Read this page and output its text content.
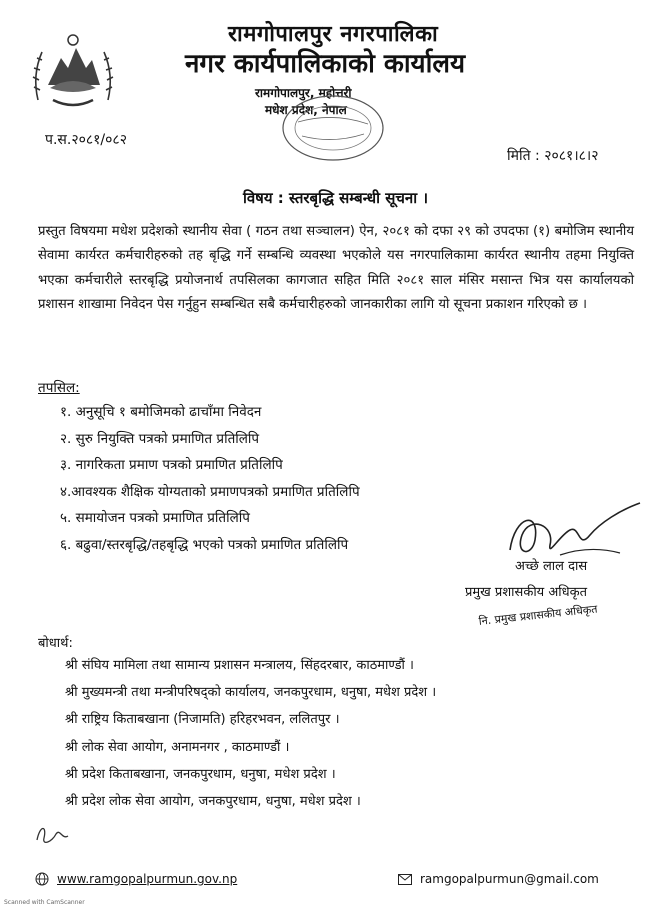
रामगोपालपुर नगरपालिका
नगर कार्यपालिकाको कार्यालय
रामगोपालपुर, महोत्तरी
मधेश प्रदेश, नेपाल
प.स.२०८१/०८२
मिति : २०८१।८।२
विषय : स्तरबृद्धि सम्बन्धी सूचना ।
प्रस्तुत विषयमा मधेश प्रदेशको स्थानीय सेवा ( गठन तथा सञ्चालन) ऐन, २०८१ को दफा २९ को उपदफा (१) बमोजिम स्थानीय सेवामा कार्यरत कर्मचारीहरुको तह बृद्धि गर्ने सम्बन्धि व्यवस्था भएकोले यस नगरपालिकामा कार्यरत स्थानीय तहमा नियुक्ति भएका कर्मचारीले स्तरबृद्धि प्रयोजनार्थ तपसिलका कागजात सहित मिति २०८१ साल मंसिर मसान्त भित्र यस कार्यालयको प्रशासन शाखामा निवेदन पेस गर्नुहुन सम्बन्धित सबै कर्मचारीहरुको जानकारीका लागि यो सूचना प्रकाशन गरिएको छ ।
तपसिल:
१. अनुसूचि १ बमोजिमको ढाचाँमा निवेदन
२. सुरु नियुक्ति पत्रको प्रमाणित प्रतिलिपि
३. नागरिकता प्रमाण पत्रको प्रमाणित प्रतिलिपि
४.आवश्यक शैक्षिक योग्यताको प्रमाणपत्रको प्रमाणित प्रतिलिपि
५. समायोजन पत्रको प्रमाणित प्रतिलिपि
६. बढुवा/स्तरबृद्धि/तहबृद्धि भएको पत्रको प्रमाणित प्रतिलिपि
अच्छे लाल दास
प्रमुख प्रशासकीय अधिकृत
नि. प्रमुख प्रशासकीय अधिकृत
बोधार्थ:
श्री संघिय मामिला तथा सामान्य प्रशासन मन्त्रालय, सिंहदरबार, काठमाण्डौं ।
श्री मुख्यमन्त्री तथा मन्त्रीपरिषद्को कार्यालय, जनकपुरधाम, धनुषा, मधेश प्रदेश ।
श्री राष्ट्रिय किताबखाना (निजामति) हरिहरभवन, ललितपुर ।
श्री लोक सेवा आयोग, अनामनगर , काठमाण्डौं ।
श्री प्रदेश किताबखाना, जनकपुरधाम, धनुषा, मधेश प्रदेश ।
श्री प्रदेश लोक सेवा आयोग, जनकपुरधाम, धनुषा, मधेश प्रदेश ।
www.ramgopalpurmun.gov.np	ramgopalpurmun@gmail.com
Scanned with CamScanner
